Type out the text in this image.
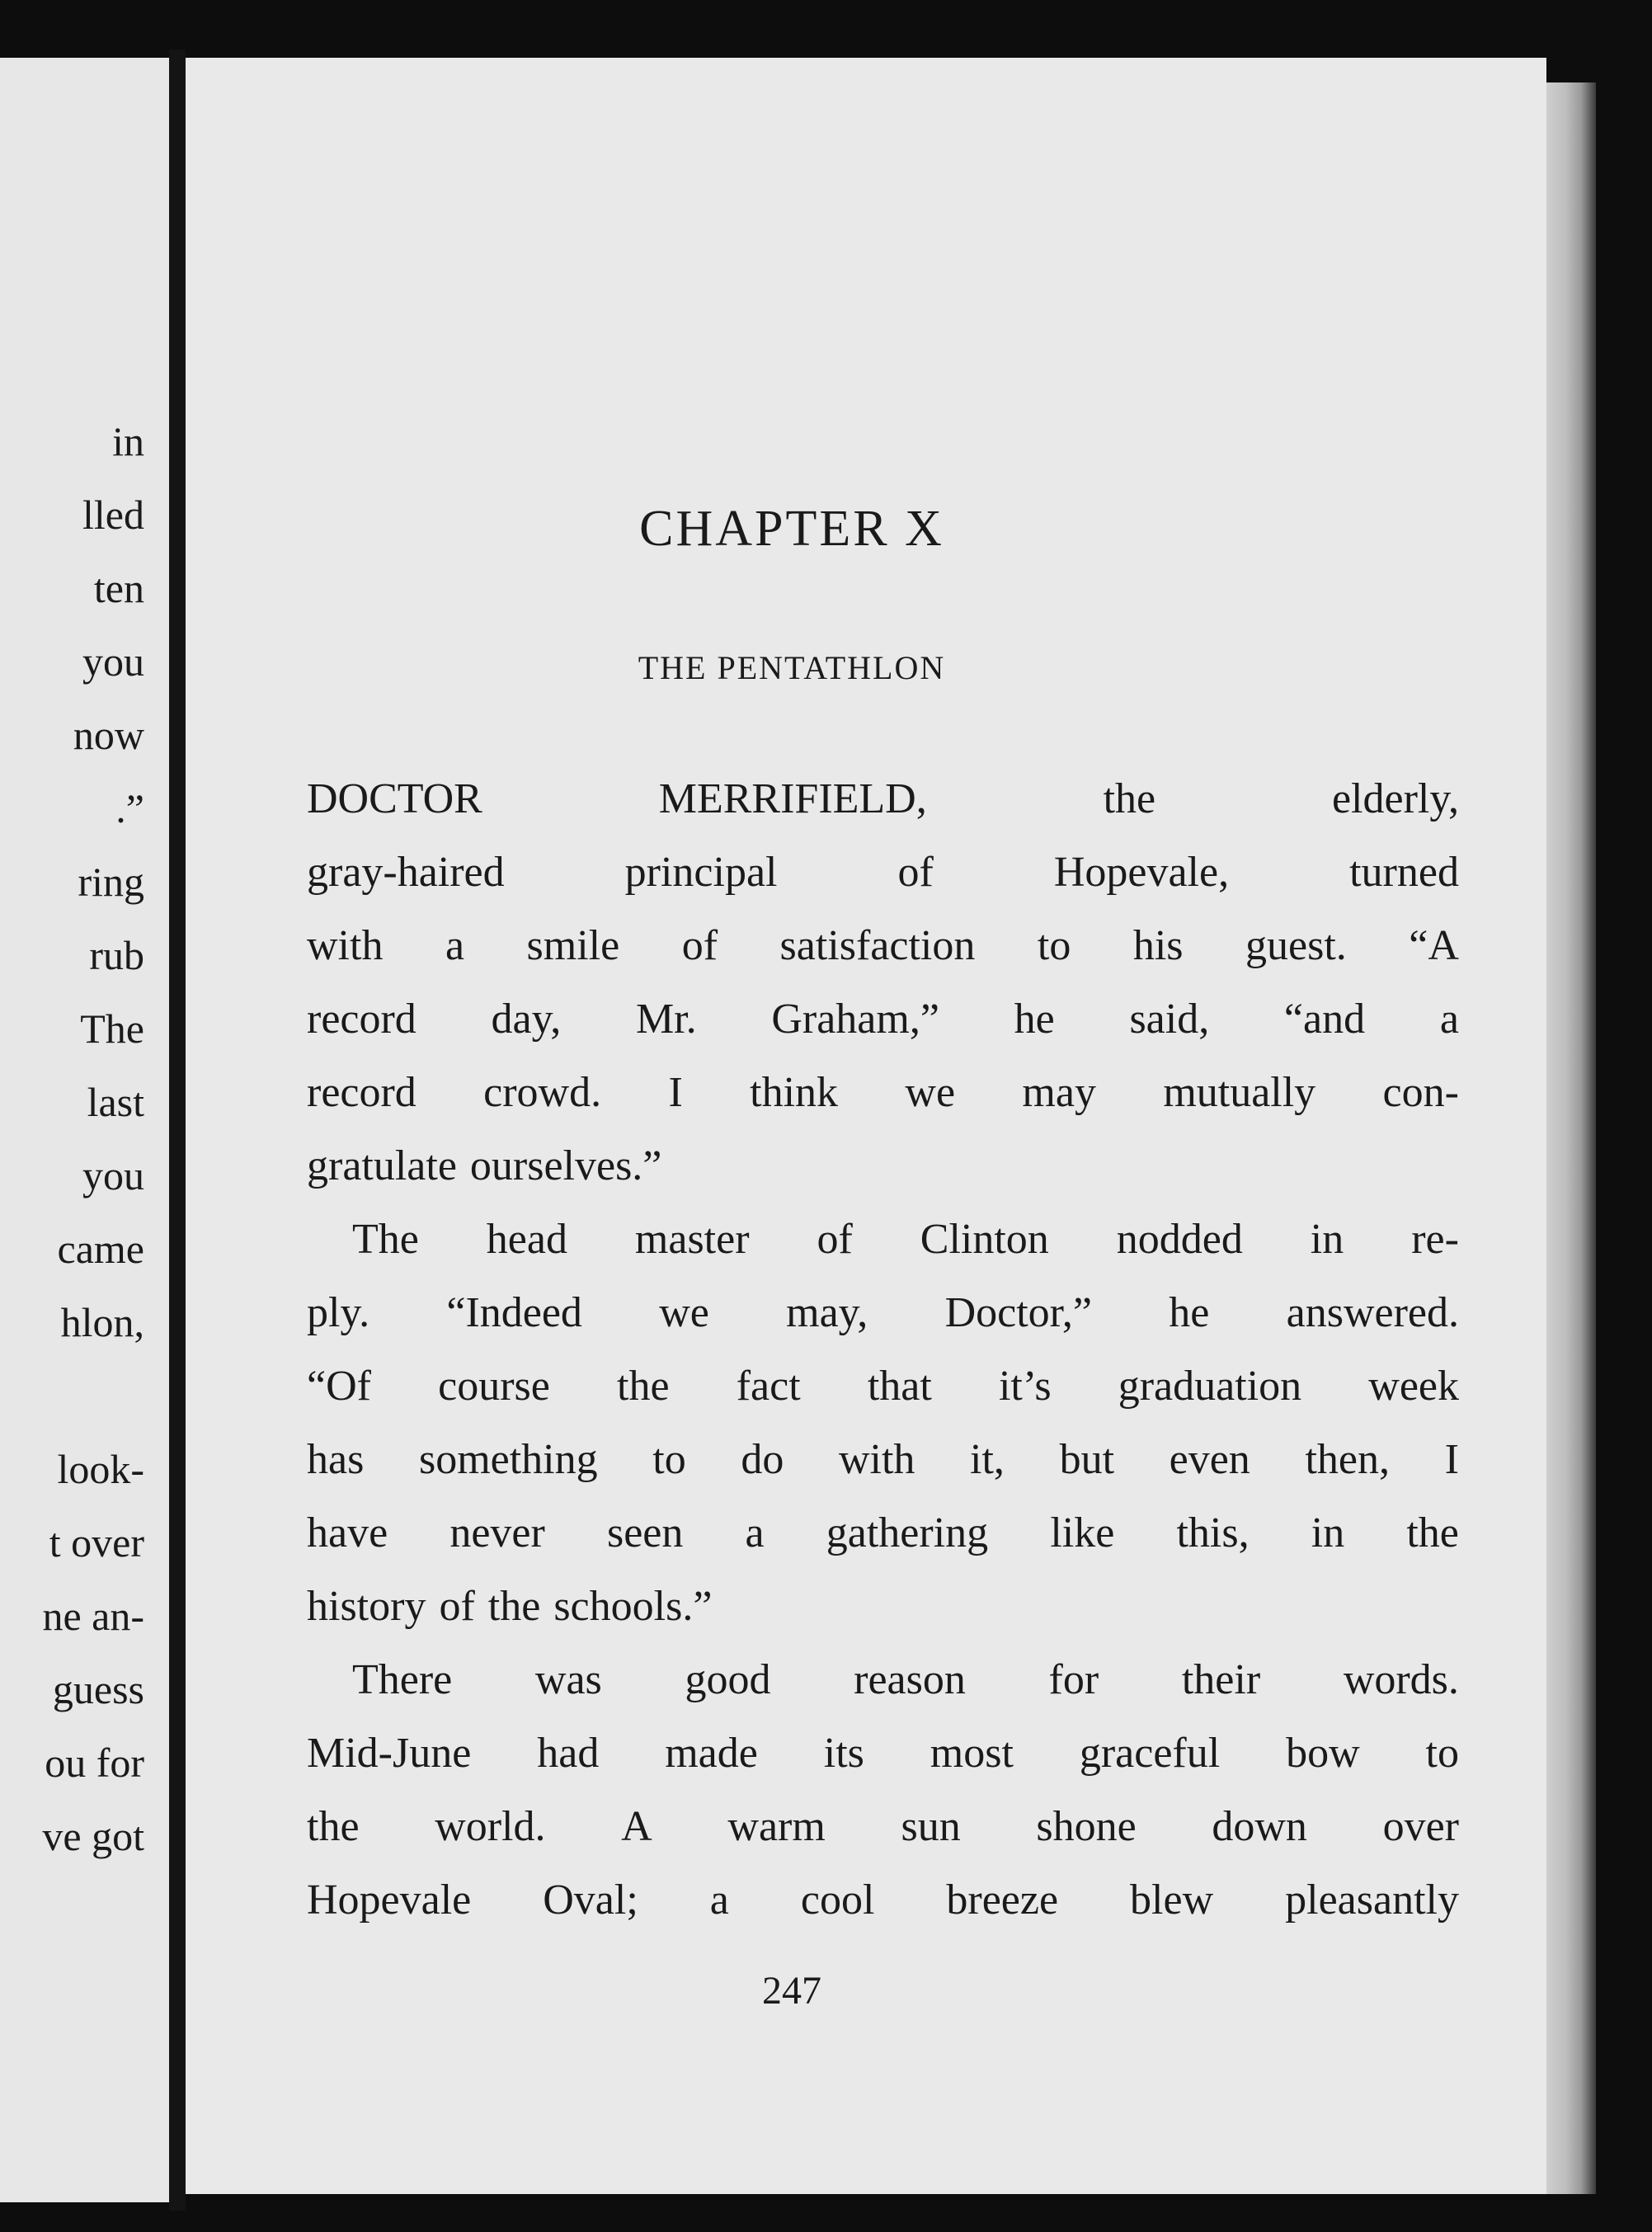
in
lled
ten
you
now
.”
ring
rub
The
last
you
came
hlon,
look-
t over
ne an-
guess
ou for
ve got
CHAPTER X
THE PENTATHLON
DOCTOR	MERRIFIELD,	the	elderly,
gray-haired	principal	of	Hopevale,	turned
with a smile of satisfaction to his guest. “A
record day, Mr. Graham,” he said, “and a
record crowd. I think we may mutually con-
gratulate ourselves.”
The head master of Clinton nodded in re-
ply. “Indeed we may, Doctor,” he answered.
“Of course the fact that it’s graduation week
has something to do with it, but even then, I
have never seen a gathering like this, in the
history of the schools.”
There was good reason for their words.
Mid-June had made its most graceful bow to
the world. A warm sun shone down over
Hopevale Oval; a cool breeze blew pleasantly
247
